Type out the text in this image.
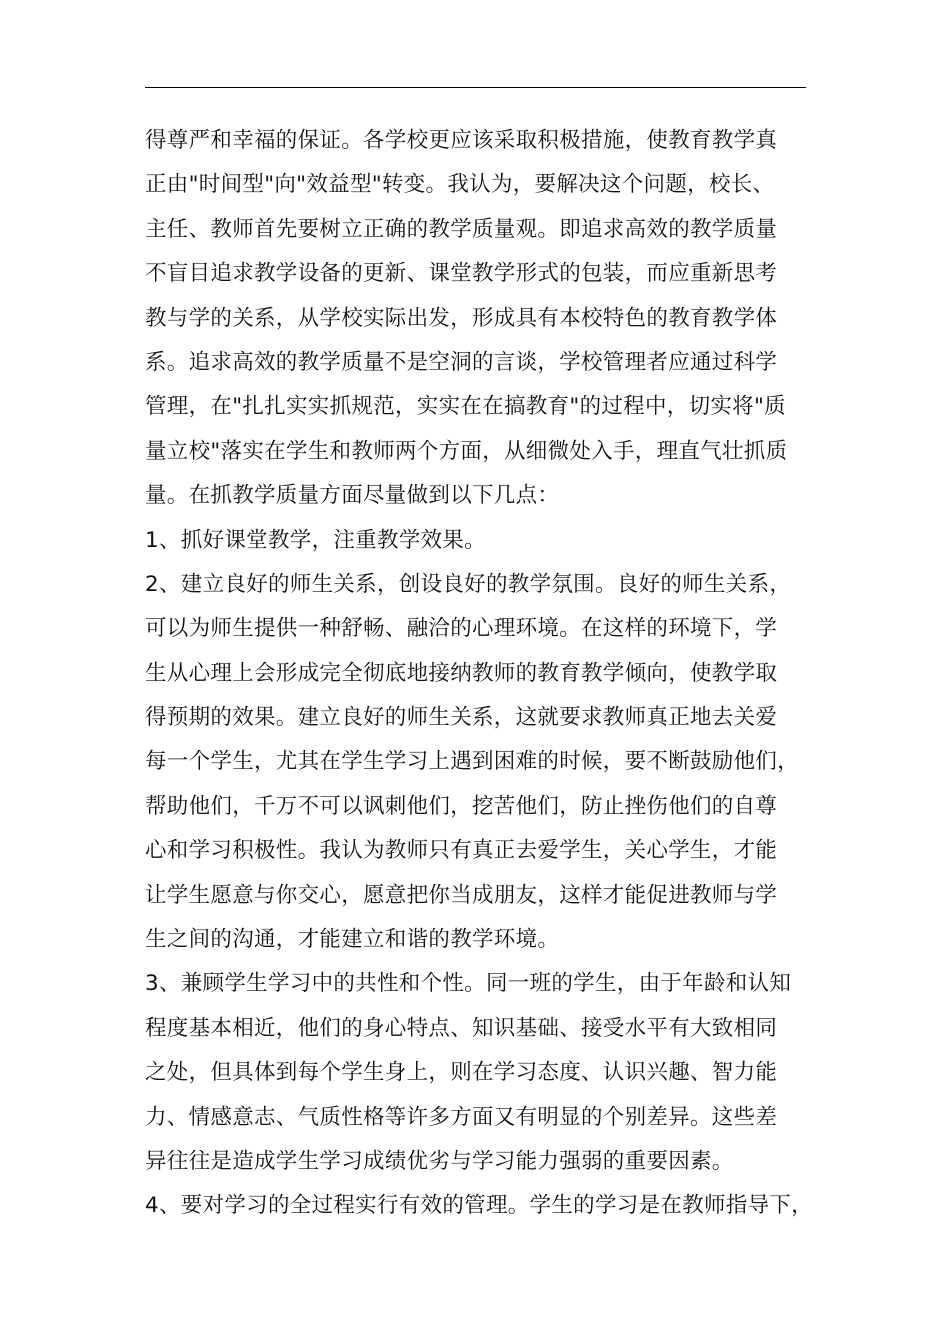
得尊严和幸福的保证。各学校更应该采取积极措施，使教育教学真
正由"时间型"向"效益型"转变。我认为，要解决这个问题，校长、
主任、教师首先要树立正确的教学质量观。即追求高效的教学质量
不盲目追求教学设备的更新、课堂教学形式的包装，而应重新思考
教与学的关系，从学校实际出发，形成具有本校特色的教育教学体
系。追求高效的教学质量不是空洞的言谈，学校管理者应通过科学
管理，在"扎扎实实抓规范，实实在在搞教育"的过程中，切实将"质
量立校"落实在学生和教师两个方面，从细微处入手，理直气壮抓质
量。在抓教学质量方面尽量做到以下几点：
1、抓好课堂教学，注重教学效果。
2、建立良好的师生关系，创设良好的教学氛围。良好的师生关系，
可以为师生提供一种舒畅、融洽的心理环境。在这样的环境下，学
生从心理上会形成完全彻底地接纳教师的教育教学倾向，使教学取
得预期的效果。建立良好的师生关系，这就要求教师真正地去关爱
每一个学生，尤其在学生学习上遇到困难的时候，要不断鼓励他们，
帮助他们，千万不可以讽刺他们，挖苦他们，防止挫伤他们的自尊
心和学习积极性。我认为教师只有真正去爱学生，关心学生，才能
让学生愿意与你交心，愿意把你当成朋友，这样才能促进教师与学
生之间的沟通，才能建立和谐的教学环境。
3、兼顾学生学习中的共性和个性。同一班的学生，由于年龄和认知
程度基本相近，他们的身心特点、知识基础、接受水平有大致相同
之处，但具体到每个学生身上，则在学习态度、认识兴趣、智力能
力、情感意志、气质性格等许多方面又有明显的个别差异。这些差
异往往是造成学生学习成绩优劣与学习能力强弱的重要因素。
4、要对学习的全过程实行有效的管理。学生的学习是在教师指导下，
